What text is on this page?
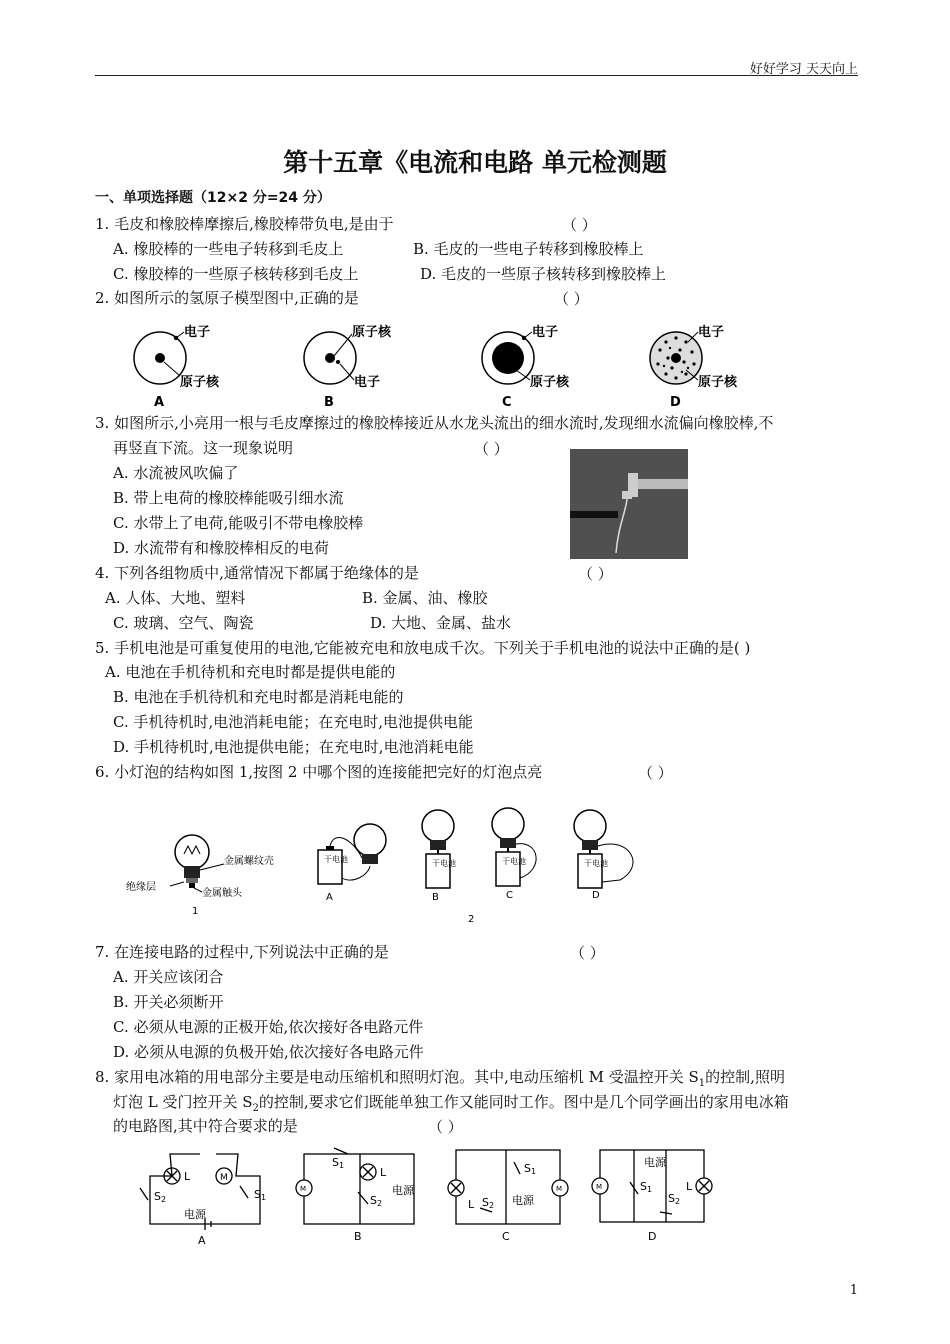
好好学习 天天向上
第十五章《电流和电路 单元检测题
一、单项选择题（12×2 分=24 分）
1. 毛皮和橡胶棒摩擦后,橡胶棒带负电,是由于	（ ）
A. 橡胶棒的一些电子转移到毛皮上	B. 毛皮的一些电子转移到橡胶棒上
C. 橡胶棒的一些原子核转移到毛皮上	D. 毛皮的一些原子核转移到橡胶棒上
2. 如图所示的氢原子模型图中,正确的是	（ ）
电子
原子核
A
原子核
电子
B
电子
原子核
C
电子
原子核
D
3. 如图所示,小亮用一根与毛皮摩擦过的橡胶棒接近从水龙头流出的细水流时,发现细水流偏向橡胶棒,不
再竖直下流。这一现象说明	（ ）
A. 水流被风吹偏了
B. 带上电荷的橡胶棒能吸引细水流
C. 水带上了电荷,能吸引不带电橡胶棒
D. 水流带有和橡胶棒相反的电荷
4. 下列各组物质中,通常情况下都属于绝缘体的是	（ ）
A. 人体、大地、塑料	B. 金属、油、橡胶
C. 玻璃、空气、陶瓷	D. 大地、金属、盐水
5. 手机电池是可重复使用的电池,它能被充电和放电成千次。下列关于手机电池的说法中正确的是( )
A. 电池在手机待机和充电时都是提供电能的
B. 电池在手机待机和充电时都是消耗电能的
C. 手机待机时,电池消耗电能；在充电时,电池提供电能
D. 手机待机时,电池提供电能；在充电时,电池消耗电能
6. 小灯泡的结构如图 1,按图 2 中哪个图的连接能把完好的灯泡点亮	（ ）
金属螺纹壳
绝缘层
金属触头
1
干电池
A
干电池
B
干电池
C
干电池
D
2
7. 在连接电路的过程中,下列说法中正确的是	（ ）
A. 开关应该闭合
B. 开关必须断开
C. 必须从电源的正极开始,依次接好各电路元件
D. 必须从电源的负极开始,依次接好各电路元件
8. 家用电冰箱的用电部分主要是电动压缩机和照明灯泡。其中,电动压缩机 M 受温控开关 $S_1$的控制,照明
灯泡 L 受门控开关 $S_2$的控制,要求它们既能单独工作又能同时工作。图中是几个同学画出的家用电冰箱
的电路图,其中符合要求的是	（ ）
L	M
S2	S1
电源
A
M
S1
L
S2
电源
B
M
S1
L S2 电源
C
M
电源
S1
S2
L
D
1
